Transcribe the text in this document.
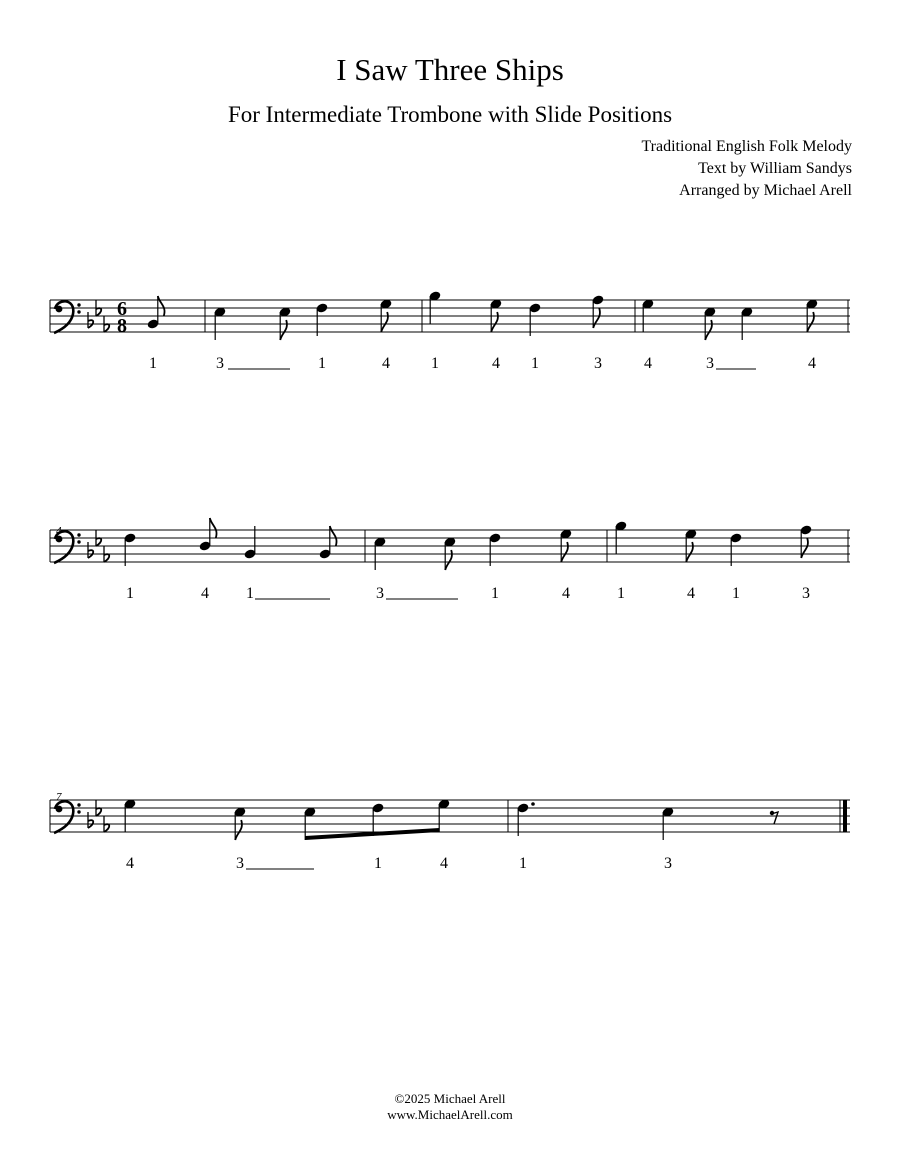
I Saw Three Ships
For Intermediate Trombone with Slide Positions
Traditional English Folk Melody
Text by William Sandys
Arranged by Michael Arell
6
8
1	3	1	4	1	4 1	3	4	3	4
4
1	4 1	3	1	4	1	4 1	3
7
4	3	1	4	1	3
©2025 Michael Arell
www.MichaelArell.com
